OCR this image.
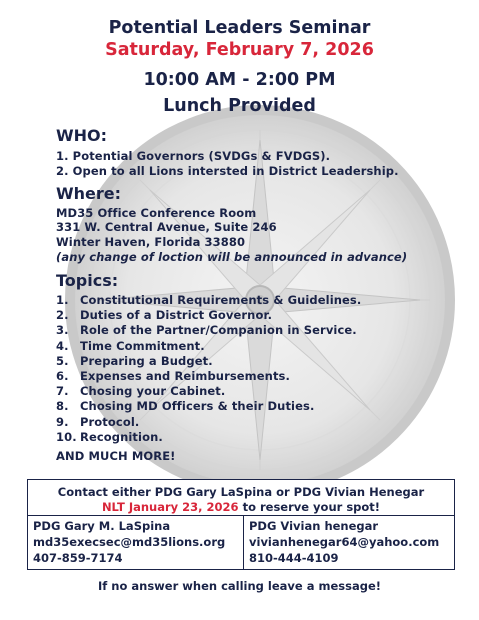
Potential Leaders Seminar
Saturday, February 7, 2026
10:00 AM - 2:00 PM
Lunch Provided
WHO:
1. Potential Governors (SVDGs & FVDGS).
2. Open to all Lions intersted in District Leadership.
Where:
MD35 Office Conference Room
331 W. Central Avenue, Suite 246
Winter Haven, Florida 33880
(any change of loction will be announced in advance)
Topics:
1. Constitutional Requirements & Guidelines.
2. Duties of a District Governor.
3. Role of the Partner/Companion in Service.
4. Time Commitment.
5. Preparing a Budget.
6. Expenses and Reimbursements.
7. Chosing your Cabinet.
8. Chosing MD Officers & their Duties.
9. Protocol.
10. Recognition.
AND MUCH MORE!
Contact either PDG Gary LaSpina or PDG Vivian Henegar
NLT January 23, 2026 to reserve your spot!
PDG Gary M. LaSpina
md35execsec@md35lions.org
407-859-7174
PDG Vivian henegar
vivianhenegar64@yahoo.com
810-444-4109
If no answer when calling leave a message!
